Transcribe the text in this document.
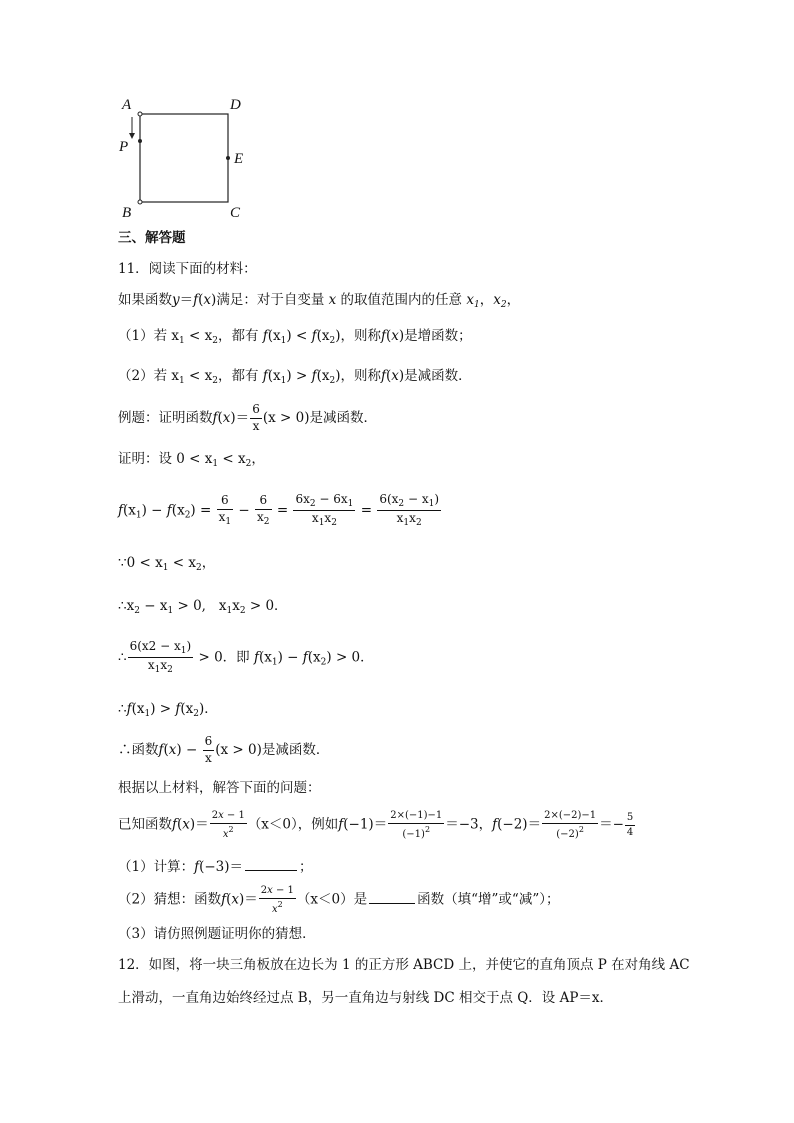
A	D
P
E
B	C
三、解答题
11．阅读下面的材料：
如果函数y＝f(x)满足：对于自变量 x 的取值范围内的任意 $x_1$，$x_2$，
（1）若 $x_1 < x_2$，都有 $f(x_1) < f(x_2)$，则称f(x)是增函数；
（2）若 $x_1 < x_2$，都有 $f(x_1) > f(x_2)$，则称f(x)是减函数．
例题：证明函数$f(x)= \frac{6}{x} (x > 0)$是减函数．
证明：设 $0 < x_1 < x_2$，
$f(x_1) - f(x_2) = \frac{6}{x_1} - \frac{6}{x_2} = \frac{6x_2 - 6x_1}{x_1x_2} = \frac{6(x_2 - x_1)}{x_1x_2}$
∵0 < $x_1 < x_2$，
$\therefore x_2 - x_1 > 0$,   $x_1x_2 > 0$．
∴ $\frac{6(x2 - x_1)}{x_1x_2} > 0$．即 $f(x_1) - f(x_2) > 0$．
$\therefore f(x_1) > f(x_2)$．
∴函数$f(x) - \frac{6}{x} (x > 0)$是减函数．
根据以上材料，解答下面的问题：
已知函数$f(x)= \frac{2x - 1}{x^2} (x<0)$，例如$f(-1)= \frac{2\times(-1)-1}{(-1)^2} =-3$，$f(-2)= \frac{2\times(-2)-1}{(-2)^2} =- \frac{5}{4}$
（1）计算：f(−3)＝	；
（2）猜想：函数$f(x)= \frac{2x - 1}{x^2} (x<0)$是	函数（填“增”或“减”）；
（3）请仿照例题证明你的猜想．
12．如图，将一块三角板放在边长为 1 的正方形 ABCD 上，并使它的直角顶点 P 在对角线 AC
上滑动，一直角边始终经过点 B，另一直角边与射线 DC 相交于点 Q．设 AP＝x．
